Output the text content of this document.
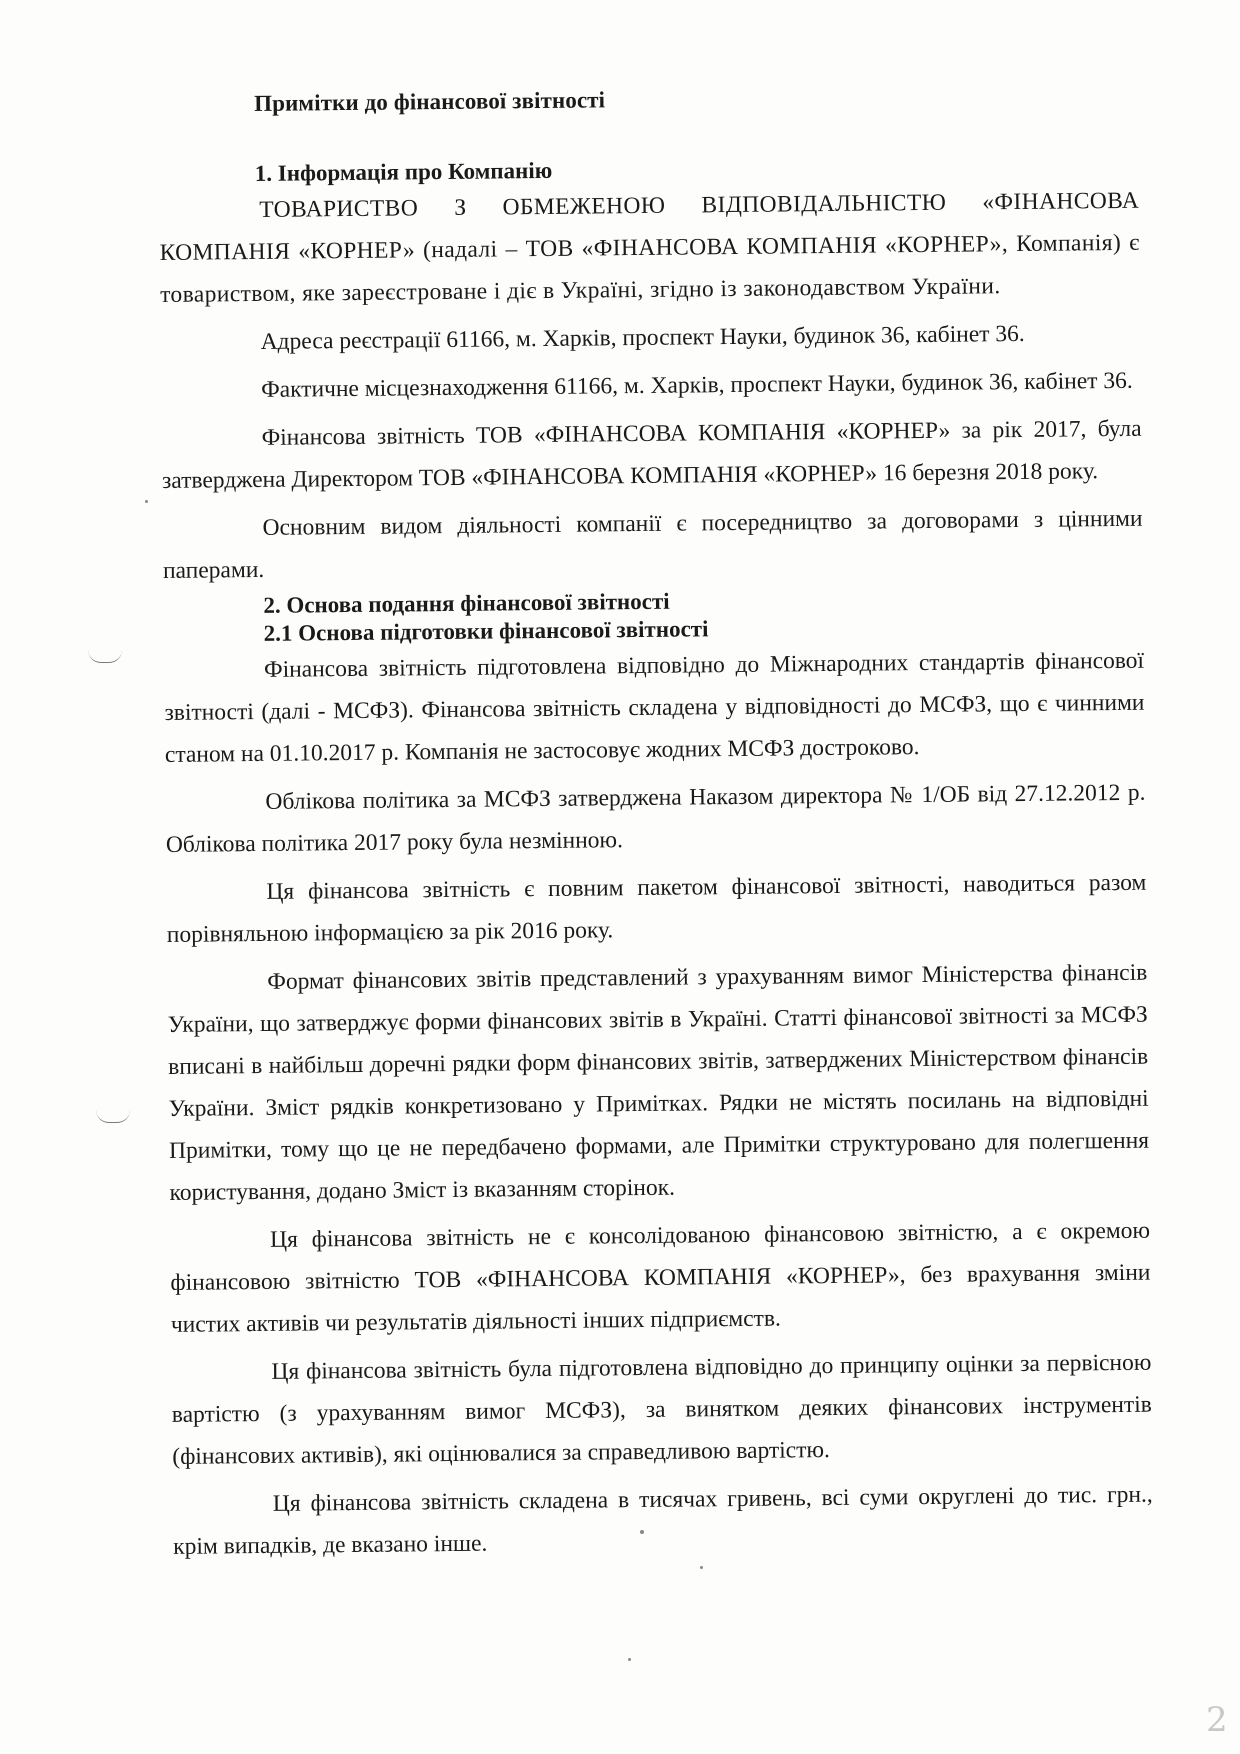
Примітки до фінансової звітності
1. Інформація про Компанію

ТОВАРИСТВО З ОБМЕЖЕНОЮ ВІДПОВІДАЛЬНІСТЮ «ФІНАНСОВА КОМПАНІЯ «КОРНЕР» (надалі – ТОВ «ФІНАНСОВА КОМПАНІЯ «КОРНЕР», Компанія) є товариством, яке зареєстроване і діє в Україні, згідно із законодавством України.

Адреса реєстрації 61166, м. Харків, проспект Науки, будинок 36, кабінет 36.

Фактичне місцезнаходження 61166, м. Харків, проспект Науки, будинок 36, кабінет 36.

Фінансова звітність ТОВ «ФІНАНСОВА КОМПАНІЯ «КОРНЕР» за рік 2017, була затверджена Директором ТОВ «ФІНАНСОВА КОМПАНІЯ «КОРНЕР» 16 березня 2018 року.

Основним видом діяльності компанії є посередництво за договорами з цінними паперами.

2. Основа подання фінансової звітності
2.1 Основа підготовки фінансової звітності

Фінансова звітність підготовлена відповідно до Міжнародних стандартів фінансової звітності (далі - МСФЗ). Фінансова звітність складена у відповідності до МСФЗ, що є чинними станом на 01.10.2017 р. Компанія не застосовує жодних МСФЗ достроково.

Облікова політика за МСФЗ затверджена Наказом директора № 1/ОБ від 27.12.2012 р. Облікова політика 2017 року була незмінною.

Ця фінансова звітність є повним пакетом фінансової звітності, наводиться разом порівняльною інформацією за рік 2016 року.

Формат фінансових звітів представлений з урахуванням вимог Міністерства фінансів України, що затверджує форми фінансових звітів в Україні. Статті фінансової звітності за МСФЗ вписані в найбільш доречні рядки форм фінансових звітів, затверджених Міністерством фінансів України. Зміст рядків конкретизовано у Примітках. Рядки не містять посилань на відповідні Примітки, тому що це не передбачено формами, але Примітки структуровано для полегшення користування, додано Зміст із вказанням сторінок.

Ця фінансова звітність не є консолідованою фінансовою звітністю, а є окремою фінансовою звітністю ТОВ «ФІНАНСОВА КОМПАНІЯ «КОРНЕР», без врахування зміни чистих активів чи результатів діяльності інших підприємств.

Ця фінансова звітність була підготовлена відповідно до принципу оцінки за первісною вартістю (з урахуванням вимог МСФЗ), за винятком деяких фінансових інструментів (фінансових активів), які оцінювалися за справедливою вартістю.

Ця фінансова звітність складена в тисячах гривень, всі суми округлені до тис. грн., крім випадків, де вказано інше.

2
